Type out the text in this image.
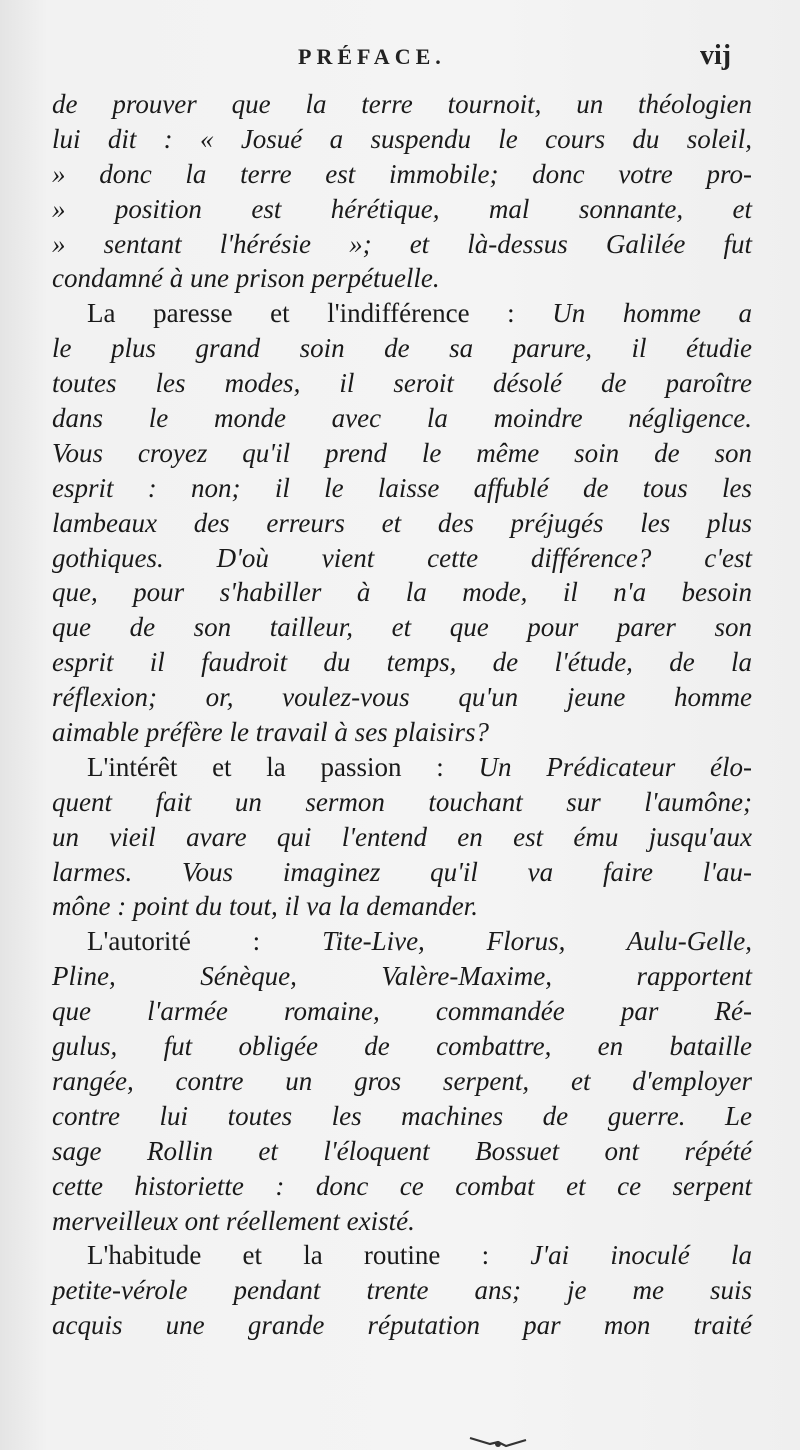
PRÉFACE.	vij
de prouver que la terre tournoit, un théologien
lui dit : « Josué a suspendu le cours du soleil,
» donc la terre est immobile; donc votre pro-
» position est hérétique, mal sonnante, et
» sentant l'hérésie »; et là-dessus Galilée fut
condamné à une prison perpétuelle.
La paresse et l'indifférence : Un homme a
le plus grand soin de sa parure, il étudie
toutes les modes, il seroit désolé de paroître
dans le monde avec la moindre négligence.
Vous croyez qu'il prend le même soin de son
esprit : non; il le laisse affublé de tous les
lambeaux des erreurs et des préjugés les plus
gothiques. D'où vient cette différence? c'est
que, pour s'habiller à la mode, il n'a besoin
que de son tailleur, et que pour parer son
esprit il faudroit du temps, de l'étude, de la
réflexion; or, voulez-vous qu'un jeune homme
aimable préfère le travail à ses plaisirs?
L'intérêt et la passion : Un Prédicateur élo-
quent fait un sermon touchant sur l'aumône;
un vieil avare qui l'entend en est ému jusqu'aux
larmes. Vous imaginez qu'il va faire l'au-
mône : point du tout, il va la demander.
L'autorité : Tite-Live, Florus, Aulu-Gelle,
Pline, Sénèque, Valère-Maxime, rapportent
que l'armée romaine, commandée par Ré-
gulus, fut obligée de combattre, en bataille
rangée, contre un gros serpent, et d'employer
contre lui toutes les machines de guerre. Le
sage Rollin et l'éloquent Bossuet ont répété
cette historiette : donc ce combat et ce serpent
merveilleux ont réellement existé.
L'habitude et la routine : J'ai inoculé la
petite-vérole pendant trente ans; je me suis
acquis une grande réputation par mon traité
